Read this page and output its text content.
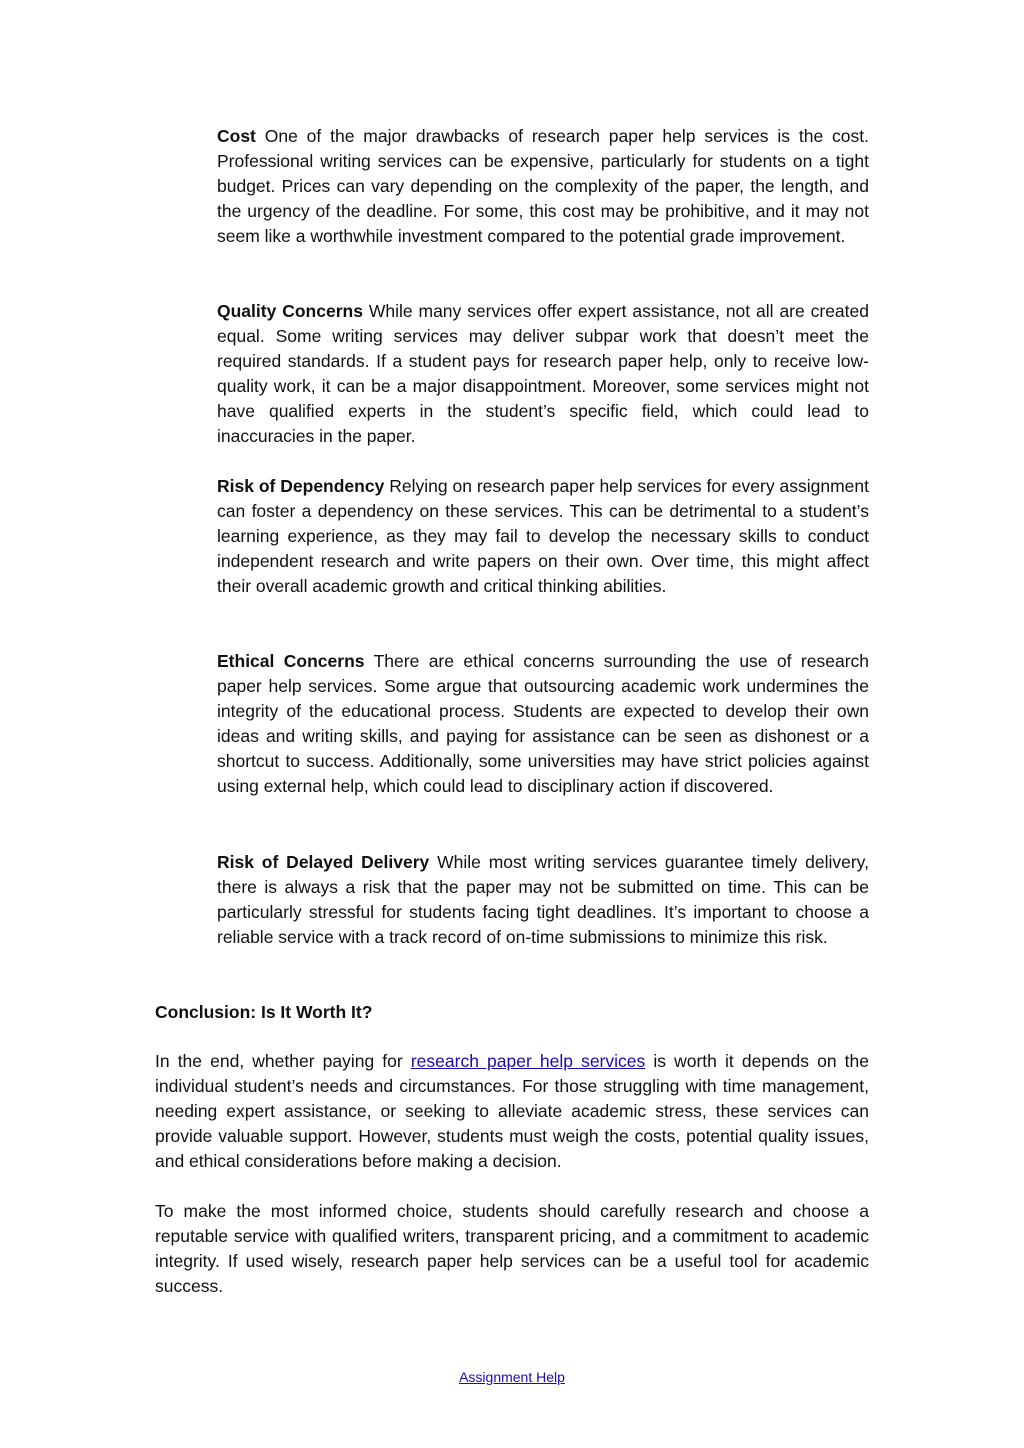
Cost One of the major drawbacks of research paper help services is the cost. Professional writing services can be expensive, particularly for students on a tight budget. Prices can vary depending on the complexity of the paper, the length, and the urgency of the deadline. For some, this cost may be prohibitive, and it may not seem like a worthwhile investment compared to the potential grade improvement.

Quality Concerns While many services offer expert assistance, not all are created equal. Some writing services may deliver subpar work that doesn’t meet the required standards. If a student pays for research paper help, only to receive low-quality work, it can be a major disappointment. Moreover, some services might not have qualified experts in the student’s specific field, which could lead to inaccuracies in the paper.

Risk of Dependency Relying on research paper help services for every assignment can foster a dependency on these services. This can be detrimental to a student’s learning experience, as they may fail to develop the necessary skills to conduct independent research and write papers on their own. Over time, this might affect their overall academic growth and critical thinking abilities.

Ethical Concerns There are ethical concerns surrounding the use of research paper help services. Some argue that outsourcing academic work undermines the integrity of the educational process. Students are expected to develop their own ideas and writing skills, and paying for assistance can be seen as dishonest or a shortcut to success. Additionally, some universities may have strict policies against using external help, which could lead to disciplinary action if discovered.

Risk of Delayed Delivery While most writing services guarantee timely delivery, there is always a risk that the paper may not be submitted on time. This can be particularly stressful for students facing tight deadlines. It’s important to choose a reliable service with a track record of on-time submissions to minimize this risk.

Conclusion: Is It Worth It?

In the end, whether paying for research paper help services is worth it depends on the individual student’s needs and circumstances. For those struggling with time management, needing expert assistance, or seeking to alleviate academic stress, these services can provide valuable support. However, students must weigh the costs, potential quality issues, and ethical considerations before making a decision.

To make the most informed choice, students should carefully research and choose a reputable service with qualified writers, transparent pricing, and a commitment to academic integrity. If used wisely, research paper help services can be a useful tool for academic success.

Assignment Help
